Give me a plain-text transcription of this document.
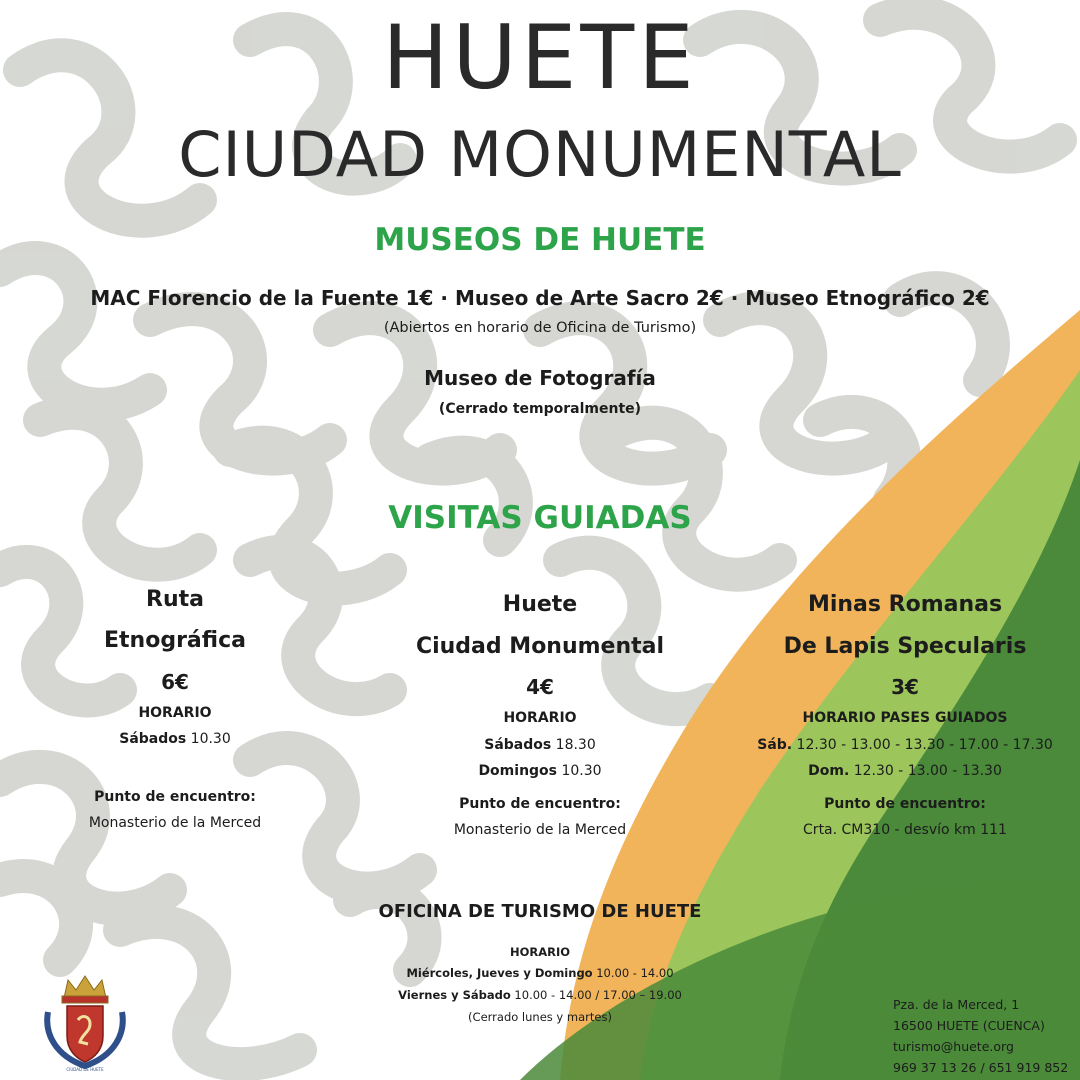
HUETE
CIUDAD MONUMENTAL
MUSEOS DE HUETE
MAC Florencio de la Fuente 1€ · Museo de Arte Sacro 2€ · Museo Etnográfico 2€
(Abiertos en horario de Oficina de Turismo)
Museo de Fotografía
(Cerrado temporalmente)
VISITAS GUIADAS
Ruta
Etnográfica
6€
HORARIO
Sábados 10.30
Punto de encuentro:
Monasterio de la Merced
Huete
Ciudad Monumental
4€
HORARIO
Sábados 18.30
Domingos 10.30
Punto de encuentro:
Monasterio de la Merced
Minas Romanas
De Lapis Specularis
3€
HORARIO PASES GUIADOS
Sáb. 12.30 - 13.00 - 13.30 - 17.00 - 17.30
Dom. 12.30 - 13.00 - 13.30
Punto de encuentro:
Crta. CM310 - desvío km 111
OFICINA DE TURISMO DE HUETE
HORARIO
Miércoles, Jueves y Domingo 10.00 - 14.00
Viernes y Sábado 10.00 - 14.00 / 17.00 – 19.00
(Cerrado lunes y martes)
CIUDAD DE HUETE
Pza. de la Merced, 1
16500 HUETE (CUENCA)
turismo@huete.org
969 37 13 26 / 651 919 852
